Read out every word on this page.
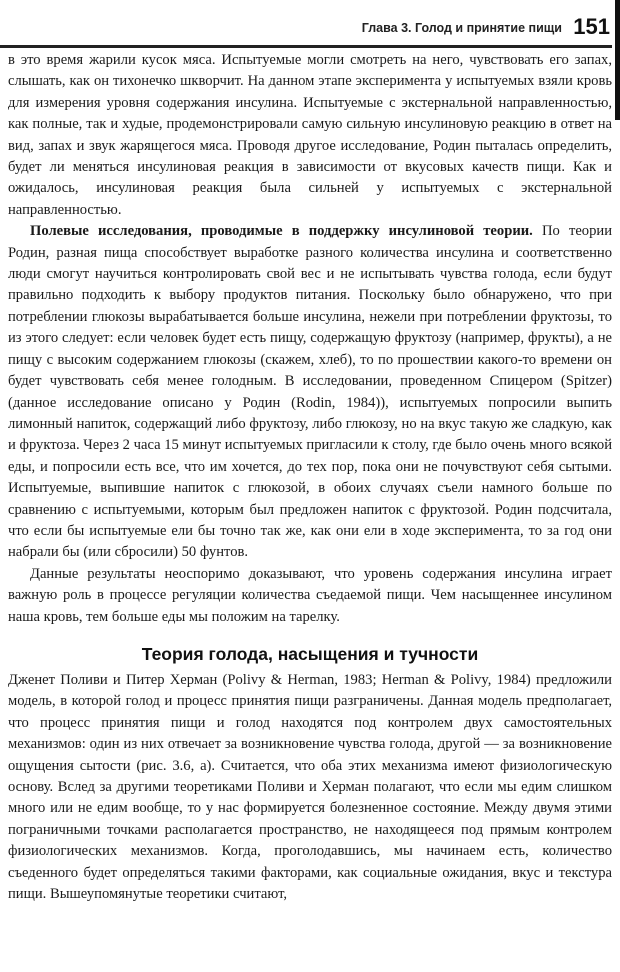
Глава 3. Голод и принятие пищи 151

в это время жарили кусок мяса. Испытуемые могли смотреть на него, чувствовать его запах, слышать, как он тихонечко шкворчит. На данном этапе эксперимента у испытуемых взяли кровь для измерения уровня содержания инсулина. Испытуемые с экстернальной направленностью, как полные, так и худые, продемонстрировали самую сильную инсулиновую реакцию в ответ на вид, запах и звук жарящегося мяса. Проводя другое исследование, Родин пыталась определить, будет ли меняться инсулиновая реакция в зависимости от вкусовых качеств пищи. Как и ожидалось, инсулиновая реакция была сильней у испытуемых с экстернальной направленностью.

Полевые исследования, проводимые в поддержку инсулиновой теории. По теории Родин, разная пища способствует выработке разного количества инсулина и соответственно люди смогут научиться контролировать свой вес и не испытывать чувства голода, если будут правильно подходить к выбору продуктов питания. Поскольку было обнаружено, что при потреблении глюкозы вырабатывается больше инсулина, нежели при потреблении фруктозы, то из этого следует: если человек будет есть пищу, содержащую фруктозу (например, фрукты), а не пищу с высоким содержанием глюкозы (скажем, хлеб), то по прошествии какого-то времени он будет чувствовать себя менее голодным. В исследовании, проведенном Спицером (Spitzer) (данное исследование описано у Родин (Rodin, 1984)), испытуемых попросили выпить лимонный напиток, содержащий либо фруктозу, либо глюкозу, но на вкус такую же сладкую, как и фруктоза. Через 2 часа 15 минут испытуемых пригласили к столу, где было очень много всякой еды, и попросили есть все, что им хочется, до тех пор, пока они не почувствуют себя сытыми. Испытуемые, выпившие напиток с глюкозой, в обоих случаях съели намного больше по сравнению с испытуемыми, которым был предложен напиток с фруктозой. Родин подсчитала, что если бы испытуемые ели бы точно так же, как они ели в ходе эксперимента, то за год они набрали бы (или сбросили) 50 фунтов.

Данные результаты неоспоримо доказывают, что уровень содержания инсулина играет важную роль в процессе регуляции количества съедаемой пищи. Чем насыщеннее инсулином наша кровь, тем больше еды мы положим на тарелку.

Теория голода, насыщения и тучности

Дженет Поливи и Питер Херман (Polivy & Herman, 1983; Herman & Polivy, 1984) предложили модель, в которой голод и процесс принятия пищи разграничены. Данная модель предполагает, что процесс принятия пищи и голод находятся под контролем двух самостоятельных механизмов: один из них отвечает за возникновение чувства голода, другой — за возникновение ощущения сытости (рис. 3.6, а). Считается, что оба этих механизма имеют физиологическую основу. Вслед за другими теоретиками Поливи и Херман полагают, что если мы едим слишком много или не едим вообще, то у нас формируется болезненное состояние. Между двумя этими пограничными точками располагается пространство, не находящееся под прямым контролем физиологических механизмов. Когда, проголодавшись, мы начинаем есть, количество съеденного будет определяться такими факторами, как социальные ожидания, вкус и текстура пищи. Вышеупомянутые теоретики считают,
